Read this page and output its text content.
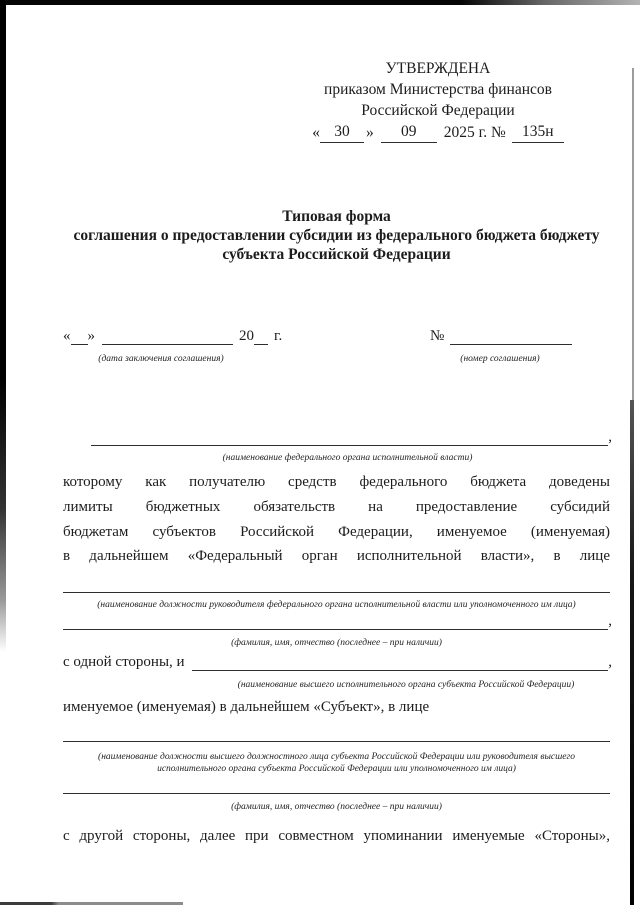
УТВЕРЖДЕНА
приказом Министерства финансов
Российской Федерации
« 30	»	09	2025 г. №	135н
Типовая форма
соглашения о предоставлении субсидии из федерального бюджета бюджету
субъекта Российской Федерации
« »	20 г.	№
(дата заключения соглашения)	(номер соглашения)
,
(наименование федерального органа исполнительной власти)
которому как получателю средств федерального бюджета доведены
лимиты бюджетных обязательств на предоставление субсидий
бюджетам субъектов Российской Федерации, именуемое (именуемая)
в дальнейшем «Федеральный орган исполнительной власти», в лице
(наименование должности руководителя федерального органа исполнительной власти или уполномоченного им лица)
,
(фамилия, имя, отчество (последнее – при наличии)
с одной стороны, и	,
(наименование высшего исполнительного органа субъекта Российской Федерации)
именуемое (именуемая) в дальнейшем «Субъект», в лице
(наименование должности высшего должностного лица субъекта Российской Федерации или руководителя высшего
исполнительного органа субъекта Российской Федерации или уполномоченного им лица)
(фамилия, имя, отчество (последнее – при наличии)
с другой стороны, далее при совместном упоминании именуемые «Стороны»,
